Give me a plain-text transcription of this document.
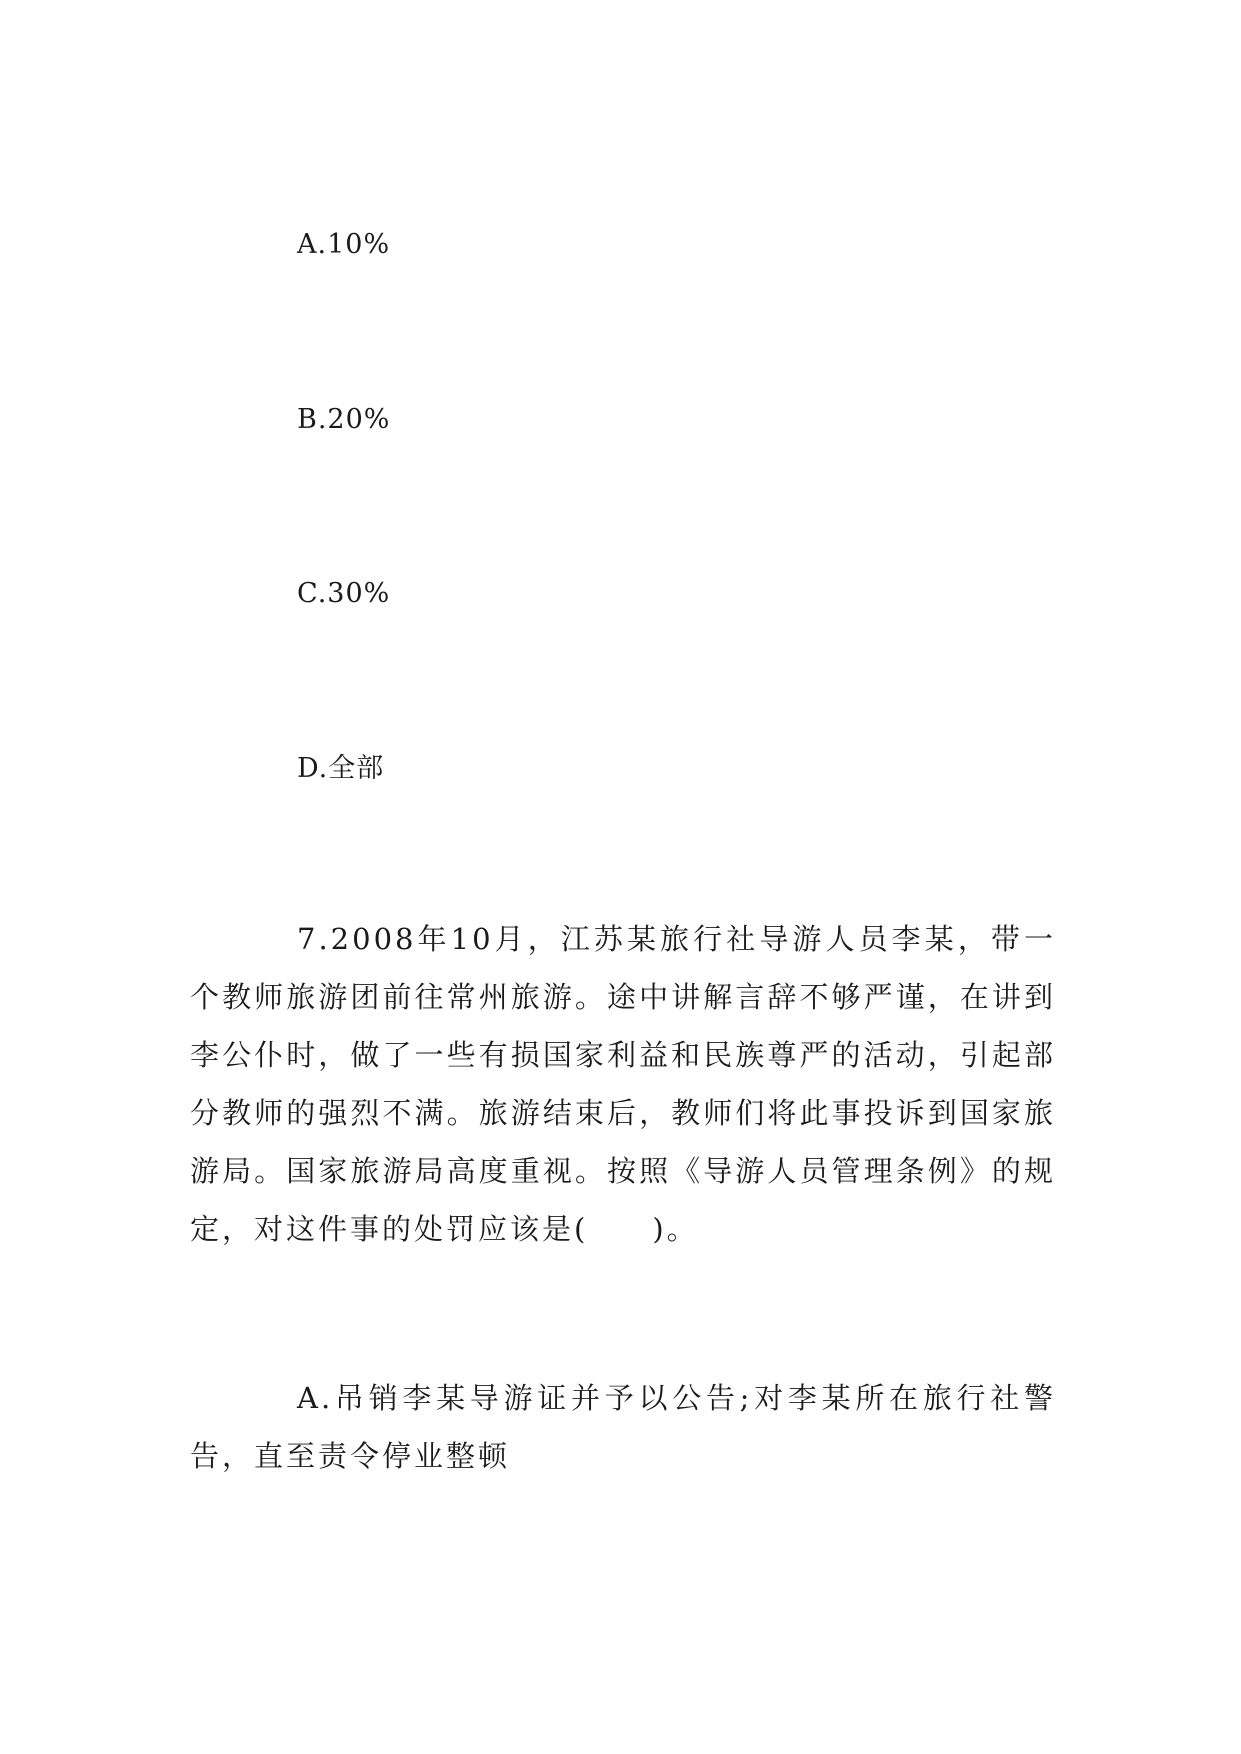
A.10%
B.20%
C.30%
D.全部
7.2008年10月，江苏某旅行社导游人员李某，带一个教师旅游团前往常州旅游。途中讲解言辞不够严谨，在讲到李公仆时，做了一些有损国家利益和民族尊严的活动，引起部分教师的强烈不满。旅游结束后，教师们将此事投诉到国家旅游局。国家旅游局高度重视。按照《导游人员管理条例》的规定，对这件事的处罚应该是(　　)。
A.吊销李某导游证并予以公告;对李某所在旅行社警告，直至责令停业整顿
